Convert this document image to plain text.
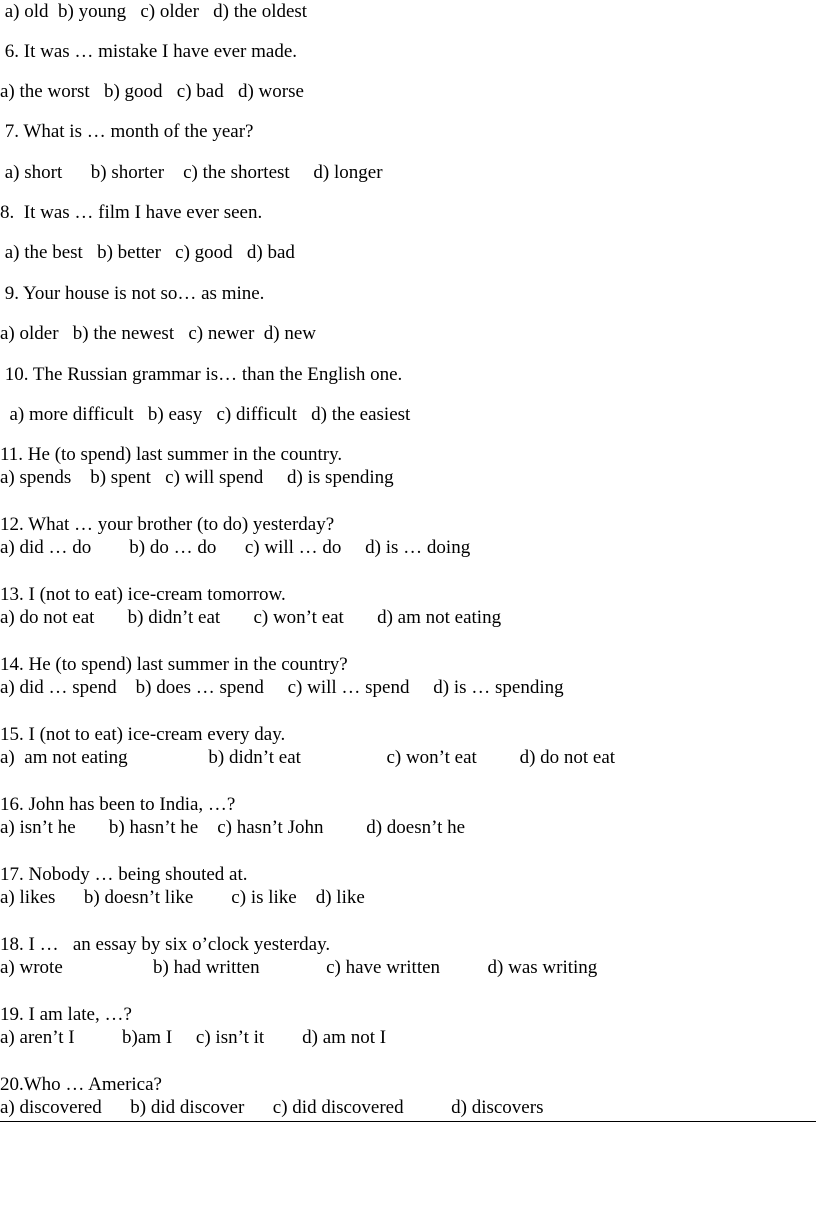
a) old  b) young   c) older   d) the oldest
6. It was … mistake I have ever made.
a) the worst   b) good   c) bad   d) worse
7. What is … month of the year?
a) short      b) shorter    c) the shortest     d) longer
8.  It was … film I have ever seen.
a) the best   b) better   c) good   d) bad
9. Your house is not so… as mine.
a) older   b) the newest   c) newer  d) new
10. The Russian grammar is… than the English one.
a) more difficult   b) easy   c) difficult   d) the easiest
11. He (to spend) last summer in the country.
a) spends    b) spent   c) will spend     d) is spending
12. What … your brother (to do) yesterday?
a) did … do        b) do … do      c) will … do     d) is … doing
13. I (not to eat) ice-cream tomorrow.
a) do not eat       b) didn’t eat       c) won’t eat       d) am not eating
14. He (to spend) last summer in the country?
a) did … spend    b) does … spend     c) will … spend     d) is … spending
15. I (not to eat) ice-cream every day.
a)  am not eating                 b) didn’t eat                  c) won’t eat         d) do not eat
16. John has been to India, …?
a) isn’t he       b) hasn’t he    c) hasn’t John         d) doesn’t he
17. Nobody … being shouted at.
a) likes      b) doesn’t like        c) is like    d) like
18. I …   an essay by six o’clock yesterday.
a) wrote                   b) had written              c) have written          d) was writing
19. I am late, …?
a) aren’t I          b)am I     c) isn’t it        d) am not I
20.Who … America?
a) discovered      b) did discover      c) did discovered          d) discovers
